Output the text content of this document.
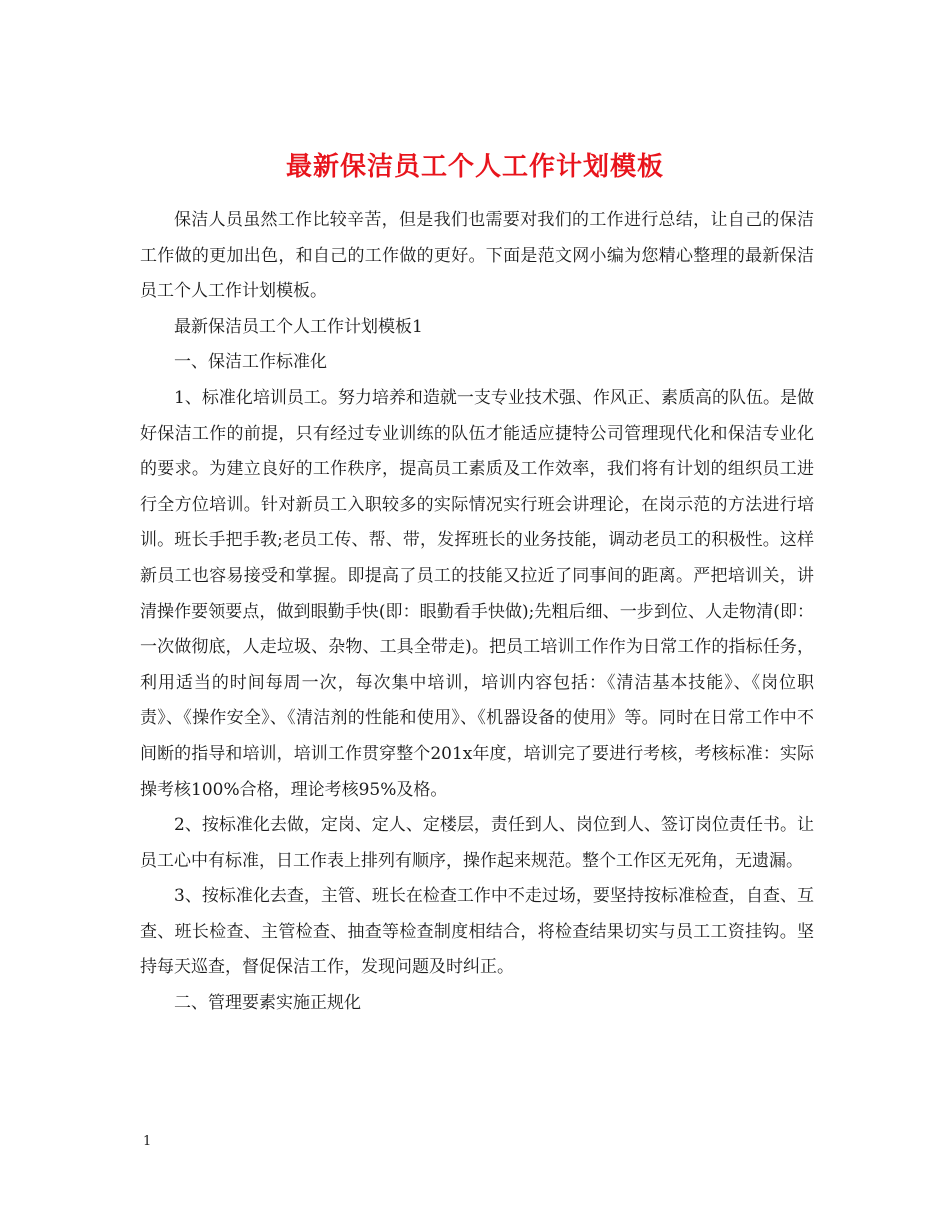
最新保洁员工个人工作计划模板

保洁人员虽然工作比较辛苦，但是我们也需要对我们的工作进行总结，让自己的保洁工作做的更加出色，和自己的工作做的更好。下面是范文网小编为您精心整理的最新保洁员工个人工作计划模板。

最新保洁员工个人工作计划模板1

一、保洁工作标准化

1、标准化培训员工。努力培养和造就一支专业技术强、作风正、素质高的队伍。是做好保洁工作的前提，只有经过专业训练的队伍才能适应捷特公司管理现代化和保洁专业化的要求。为建立良好的工作秩序，提高员工素质及工作效率，我们将有计划的组织员工进行全方位培训。针对新员工入职较多的实际情况实行班会讲理论，在岗示范的方法进行培训。班长手把手教;老员工传、帮、带，发挥班长的业务技能，调动老员工的积极性。这样新员工也容易接受和掌握。即提高了员工的技能又拉近了同事间的距离。严把培训关，讲清操作要领要点，做到眼勤手快(即：眼勤看手快做);先粗后细、一步到位、人走物清(即：一次做彻底，人走垃圾、杂物、工具全带走)。把员工培训工作作为日常工作的指标任务，利用适当的时间每周一次，每次集中培训，培训内容包括：《清洁基本技能》、《岗位职责》、《操作安全》、《清洁剂的性能和使用》、《机器设备的使用》等。同时在日常工作中不间断的指导和培训，培训工作贯穿整个201x年度，培训完了要进行考核，考核标准：实际操考核100%合格，理论考核95%及格。

2、按标准化去做，定岗、定人、定楼层，责任到人、岗位到人、签订岗位责任书。让员工心中有标准，日工作表上排列有顺序，操作起来规范。整个工作区无死角，无遗漏。

3、按标准化去查，主管、班长在检查工作中不走过场，要坚持按标准检查，自查、互查、班长检查、主管检查、抽查等检查制度相结合，将检查结果切实与员工工资挂钩。坚持每天巡查，督促保洁工作，发现问题及时纠正。

二、管理要素实施正规化

1
